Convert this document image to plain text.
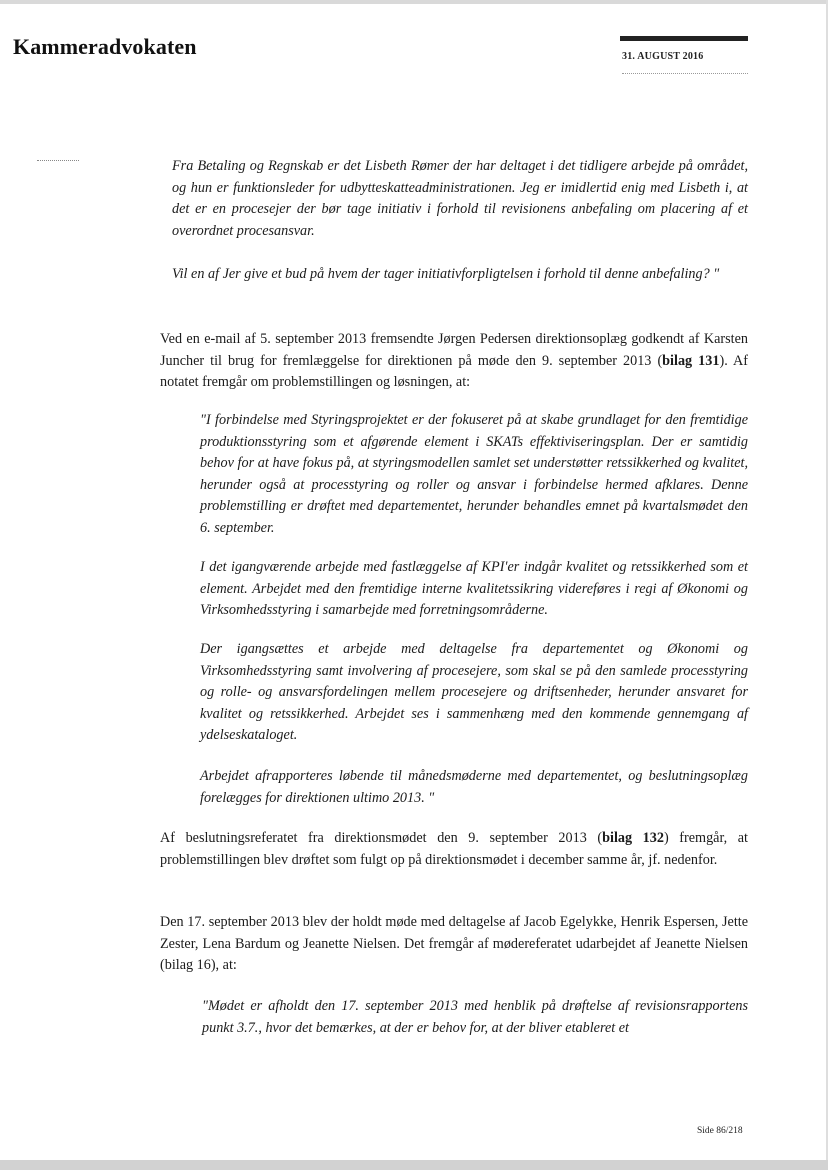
Kammeradvokaten	31. AUGUST 2016

Fra Betaling og Regnskab er det Lisbeth Rømer der har deltaget i det tidligere arbejde på området, og hun er funktionsleder for udbytteskatteadministrationen. Jeg er imidlertid enig med Lisbeth i, at det er en procesejer der bør tage initiativ i forhold til revisionens anbefaling om placering af et overordnet procesansvar.

Vil en af Jer give et bud på hvem der tager initiativforpligtelsen i forhold til denne anbefaling? "

Ved en e-mail af 5. september 2013 fremsendte Jørgen Pedersen direktionsoplæg godkendt af Karsten Juncher til brug for fremlæggelse for direktionen på møde den 9. september 2013 (bilag 131). Af notatet fremgår om problemstillingen og løsningen, at:

"I forbindelse med Styringsprojektet er der fokuseret på at skabe grundlaget for den fremtidige produktionsstyring som et afgørende element i SKATs effektiviseringsplan. Der er samtidig behov for at have fokus på, at styringsmodellen samlet set understøtter retssikkerhed og kvalitet, herunder også at processtyring og roller og ansvar i forbindelse hermed afklares. Denne problemstilling er drøftet med departementet, herunder behandles emnet på kvartalsmødet den 6. september.

I det igangværende arbejde med fastlæggelse af KPI'er indgår kvalitet og retssikkerhed som et element. Arbejdet med den fremtidige interne kvalitetssikring videreføres i regi af Økonomi og Virksomhedsstyring i samarbejde med forretningsområderne.

Der igangsættes et arbejde med deltagelse fra departementet og Økonomi og Virksomhedsstyring samt involvering af procesejere, som skal se på den samlede processtyring og rolle- og ansvarsfordelingen mellem procesejere og driftsenheder, herunder ansvaret for kvalitet og retssikkerhed. Arbejdet ses i sammenhæng med den kommende gennemgang af ydelseskataloget.

Arbejdet afrapporteres løbende til månedsmøderne med departementet, og beslutningsoplæg forelægges for direktionen ultimo 2013. "

Af beslutningsreferatet fra direktionsmødet den 9. september 2013 (bilag 132) fremgår, at problemstillingen blev drøftet som fulgt op på direktionsmødet i december samme år, jf. nedenfor.

Den 17. september 2013 blev der holdt møde med deltagelse af Jacob Egelykke, Henrik Espersen, Jette Zester, Lena Bardum og Jeanette Nielsen. Det fremgår af mødereferatet udarbejdet af Jeanette Nielsen (bilag 16), at:

"Mødet er afholdt den 17. september 2013 med henblik på drøftelse af revisionsrapportens punkt 3.7., hvor det bemærkes, at der er behov for, at der bliver etableret et

Side 86/218
